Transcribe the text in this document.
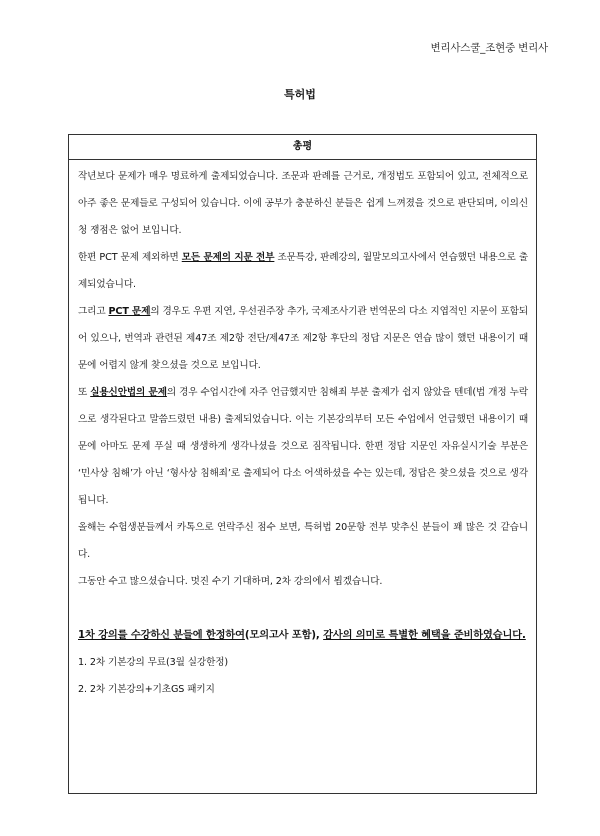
변리사스쿨_조현중 변리사
특허법
총평

작년보다 문제가 매우 명료하게 출제되었습니다. 조문과 판례를 근거로, 개정법도 포함되어 있고, 전체적으로 아주 좋은 문제들로 구성되어 있습니다. 이에 공부가 충분하신 분들은 쉽게 느껴졌을 것으로 판단되며, 이의신청 쟁점은 없어 보입니다.

한편 PCT 문제 제외하면 모든 문제의 지문 전부 조문특강, 판례강의, 월말모의고사에서 연습했던 내용으로 출제되었습니다.

그리고 PCT 문제의 경우도 우편 지연, 우선권주장 추가, 국제조사기관 번역문의 다소 지엽적인 지문이 포함되어 있으나, 번역과 관련된 제47조 제2항 전단/제47조 제2항 후단의 정답 지문은 연습 많이 했던 내용이기 때문에 어렵지 않게 찾으셨을 것으로 보입니다.

또 실용신안법의 문제의 경우 수업시간에 자주 언급했지만 침해죄 부분 출제가 쉽지 않았을 텐데(법 개정 누락으로 생각된다고 말씀드렸던 내용) 출제되었습니다. 이는 기본강의부터 모든 수업에서 언급했던 내용이기 때문에 아마도 문제 푸실 때 생생하게 생각나셨을 것으로 짐작됩니다. 한편 정답 지문인 자유실시기술 부분은 ‘민사상 침해’가 아닌 ‘형사상 침해죄’로 출제되어 다소 어색하셨을 수는 있는데, 정답은 찾으셨을 것으로 생각됩니다.

올해는 수험생분들께서 카톡으로 연락주신 점수 보면, 특허법 20문항 전부 맞추신 분들이 꽤 많은 것 같습니다.

그동안 수고 많으셨습니다. 멋진 수기 기대하며, 2차 강의에서 뵙겠습니다.

1차 강의를 수강하신 분들에 한정하여(모의고사 포함), 감사의 의미로 특별한 혜택을 준비하였습니다.

1. 2차 기본강의 무료(3월 실강한정)

2. 2차 기본강의+기초GS 패키지
